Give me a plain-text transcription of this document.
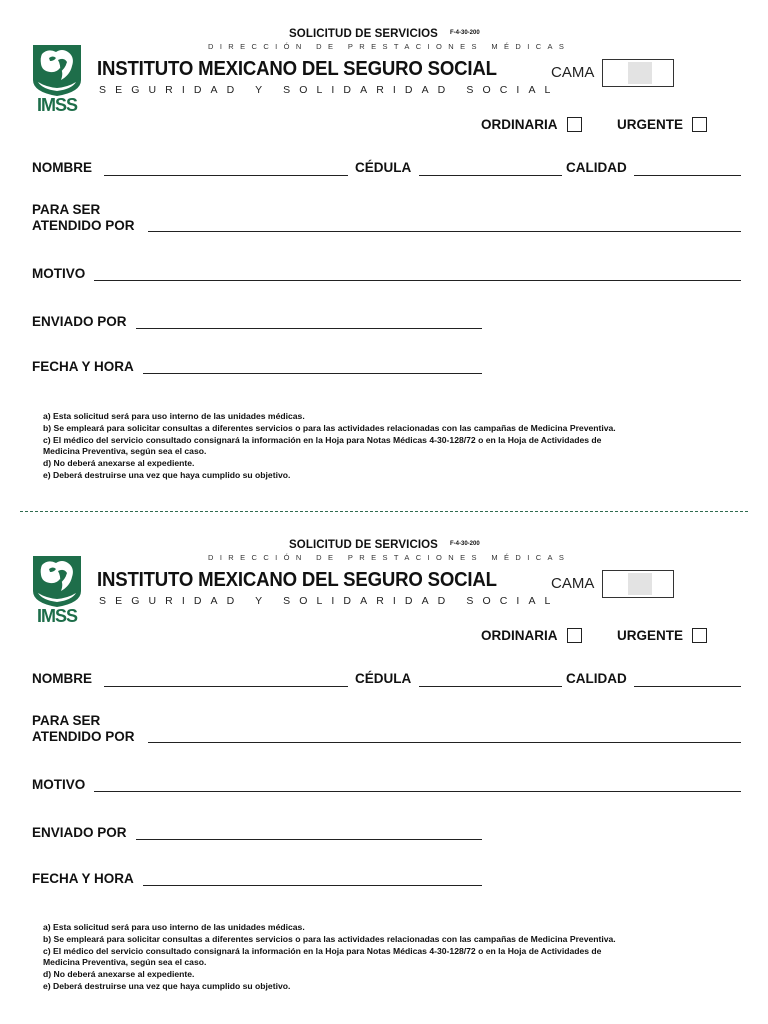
SOLICITUD DE SERVICIOS F-4-30-200
DIRECCIÓN DE PRESTACIONES MÉDICAS
IMSS
INSTITUTO MEXICANO DEL SEGURO SOCIAL
SEGURIDAD Y SOLIDARIDAD SOCIAL
CAMA
ORDINARIA	URGENTE
NOMBRE	CÉDULA	CALIDAD
PARA SER
ATENDIDO POR
MOTIVO
ENVIADO POR
FECHA Y HORA
a) Esta solicitud será para uso interno de las unidades médicas.
b) Se empleará para solicitar consultas a diferentes servicios o para las actividades relacionadas con las campañas de Medicina Preventiva.
c) El médico del servicio consultado consignará la información en la Hoja para Notas Médicas 4-30-128/72 o en la Hoja de Actividades de
Medicina Preventiva, según sea el caso.
d) No deberá anexarse al expediente.
e) Deberá destruirse una vez que haya cumplido su objetivo.
SOLICITUD DE SERVICIOS F-4-30-200
DIRECCIÓN DE PRESTACIONES MÉDICAS
IMSS
INSTITUTO MEXICANO DEL SEGURO SOCIAL
SEGURIDAD Y SOLIDARIDAD SOCIAL
CAMA
ORDINARIA	URGENTE
NOMBRE	CÉDULA	CALIDAD
PARA SER
ATENDIDO POR
MOTIVO
ENVIADO POR
FECHA Y HORA
a) Esta solicitud será para uso interno de las unidades médicas.
b) Se empleará para solicitar consultas a diferentes servicios o para las actividades relacionadas con las campañas de Medicina Preventiva.
c) El médico del servicio consultado consignará la información en la Hoja para Notas Médicas 4-30-128/72 o en la Hoja de Actividades de
Medicina Preventiva, según sea el caso.
d) No deberá anexarse al expediente.
e) Deberá destruirse una vez que haya cumplido su objetivo.
